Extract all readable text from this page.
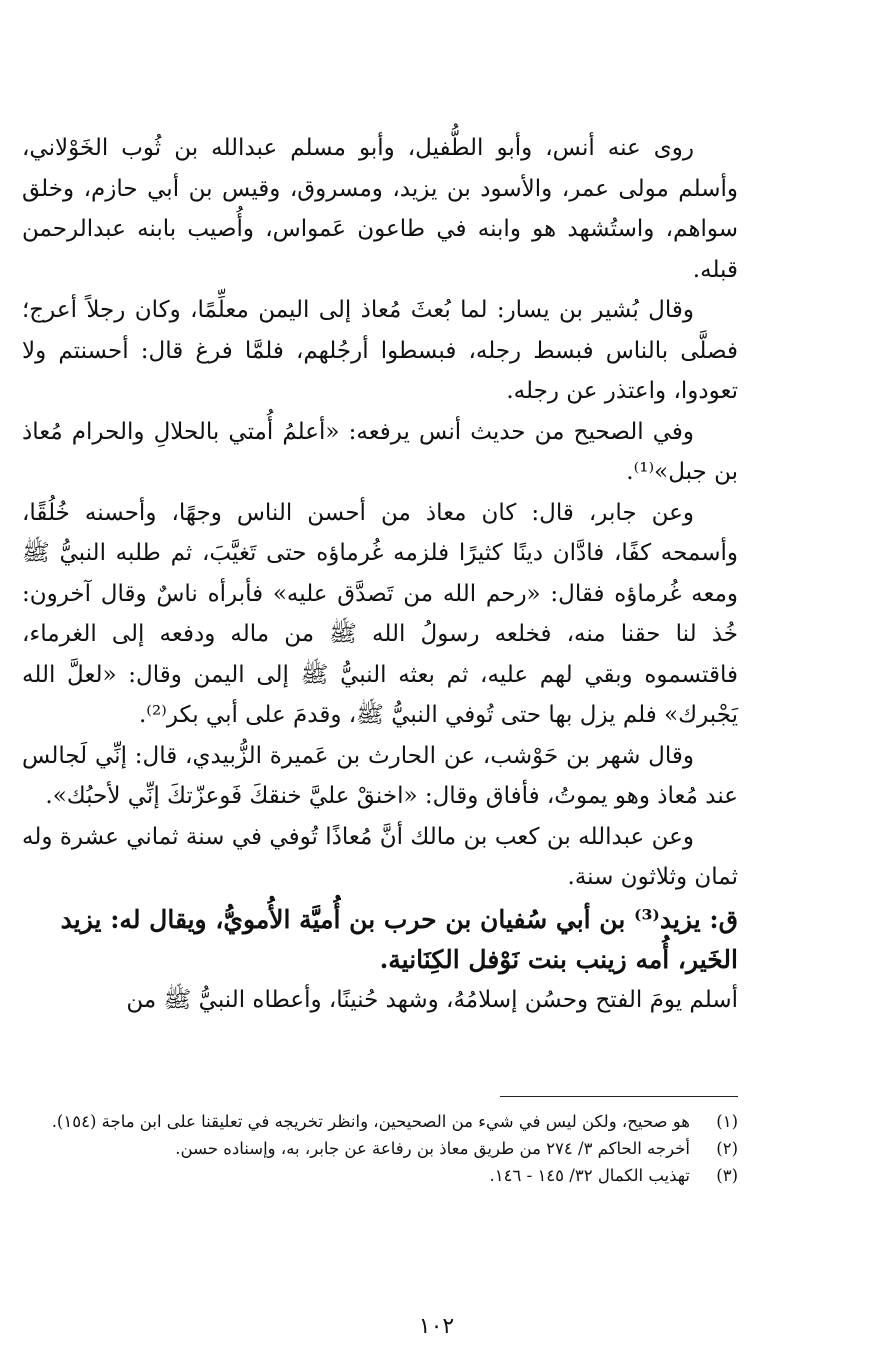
روى عنه أنس، وأبو الطُّفيل، وأبو مسلم عبدالله بن ثُوب الخَوْلاني، وأسلم مولى عمر، والأسود بن يزيد، ومسروق، وقيس بن أبي حازم، وخلق سواهم، واستُشهد هو وابنه في طاعون عَمواس، وأُصيب بابنه عبدالرحمن قبله.

وقال بُشير بن يسار: لما بُعثَ مُعاذ إلى اليمن معلِّمًا، وكان رجلاً أعرج؛ فصلَّى بالناس فبسط رجله، فبسطوا أرجُلهم، فلمَّا فرغ قال: أحسنتم ولا تعودوا، واعتذر عن رجله.

وفي الصحيح من حديث أنس يرفعه: «أعلمُ أُمتي بالحلالِ والحرام مُعاذ بن جبل»⁽¹⁾.

وعن جابر، قال: كان معاذ من أحسن الناس وجهًا، وأحسنه خُلُقًا، وأسمحه كفًا، فادَّان دينًا كثيرًا فلزمه غُرماؤه حتى تَغيَّبَ، ثم طلبه النبيُّ ﷺ ومعه غُرماؤه فقال: «رحم الله من تَصدَّق عليه» فأبرأه ناسٌ وقال آخرون: خُذ لنا حقنا منه، فخلعه رسولُ الله ﷺ من ماله ودفعه إلى الغرماء، فاقتسموه وبقي لهم عليه، ثم بعثه النبيُّ ﷺ إلى اليمن وقال: «لعلَّ الله يَجْبرك» فلم يزل بها حتى تُوفي النبيُّ ﷺ، وقدمَ على أبي بكر⁽²⁾.

وقال شهر بن حَوْشب، عن الحارث بن عَميرة الزُّبيدي، قال: إنِّي لَجالس عند مُعاذ وهو يموتُ، فأفاق وقال: «اخنقْ عليَّ خنقكَ فَوعزّتكَ إنِّي لأحبُك».

وعن عبدالله بن كعب بن مالك أنَّ مُعاذًا تُوفي في سنة ثماني عشرة وله ثمان وثلاثون سنة.

ق: يزيد⁽³⁾ بن أبي سُفيان بن حرب بن أُميَّة الأُمويُّ، ويقال له: يزيد الخَير، أُمه زينب بنت نَوْفل الكِنَانية.

أسلم يومَ الفتح وحسُن إسلامُهُ، وشهد حُنينًا، وأعطاه النبيُّ ﷺ من

(١)
هو صحيح، ولكن ليس في شيء من الصحيحين، وانظر تخريجه في تعليقنا على ابن ماجة (١٥٤).
(٢)
أخرجه الحاكم ٣/ ٢٧٤ من طريق معاذ بن رفاعة عن جابر، به، وإسناده حسن.
(٣)
تهذيب الكمال ٣٢/ ١٤٥ - ١٤٦.
١٠٢
